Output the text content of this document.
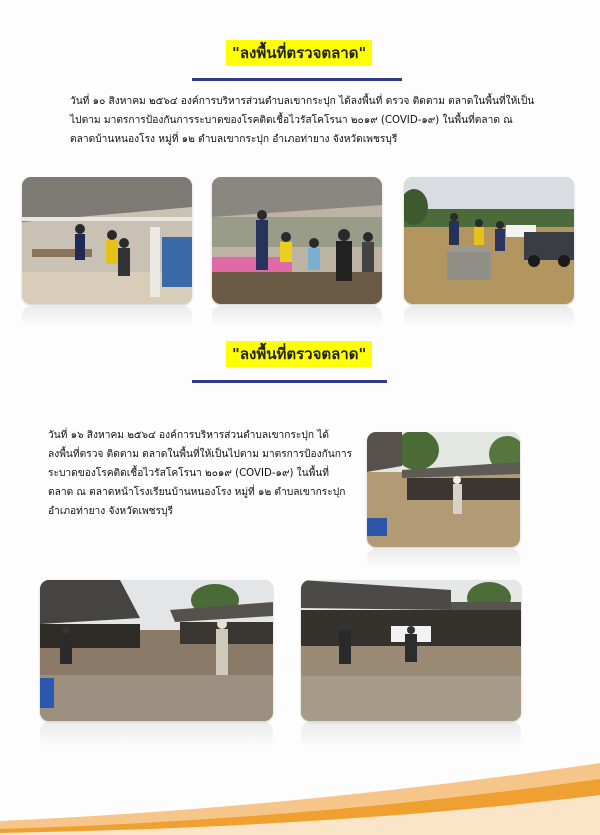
"ลงพื้นที่ตรวจตลาด"
วันที่ ๑๐ สิงหาคม ๒๕๖๔ องค์การบริหารส่วนตำบลเขากระปุก ได้ลงพื้นที่ ตรวจ ติดตาม ตลาดในพื้นที่ให้เป็นไปตาม มาตรการป้องกันการระบาดของโรคติดเชื้อไวรัสโคโรนา ๒๐๑๙ (COVID-๑๙) ในพื้นที่ตลาด ณ ตลาดบ้านหนองโรง หมู่ที่ ๑๒ ตำบลเขากระปุก อำเภอท่ายาง จังหวัดเพชรบุรี
"ลงพื้นที่ตรวจตลาด"
วันที่ ๑๖ สิงหาคม ๒๕๖๔ องค์การบริหารส่วนตำบลเขากระปุก ได้ลงพื้นที่ตรวจ ติดตาม ตลาดในพื้นที่ให้เป็นไปตาม มาตรการป้องกันการระบาดของโรคติดเชื้อไวรัสโคโรนา ๒๐๑๙ (COVID-๑๙) ในพื้นที่ตลาด ณ ตลาดหน้าโรงเรียนบ้านหนองโรง หมู่ที่ ๑๒ ตำบลเขากระปุก อำเภอท่ายาง จังหวัดเพชรบุรี
